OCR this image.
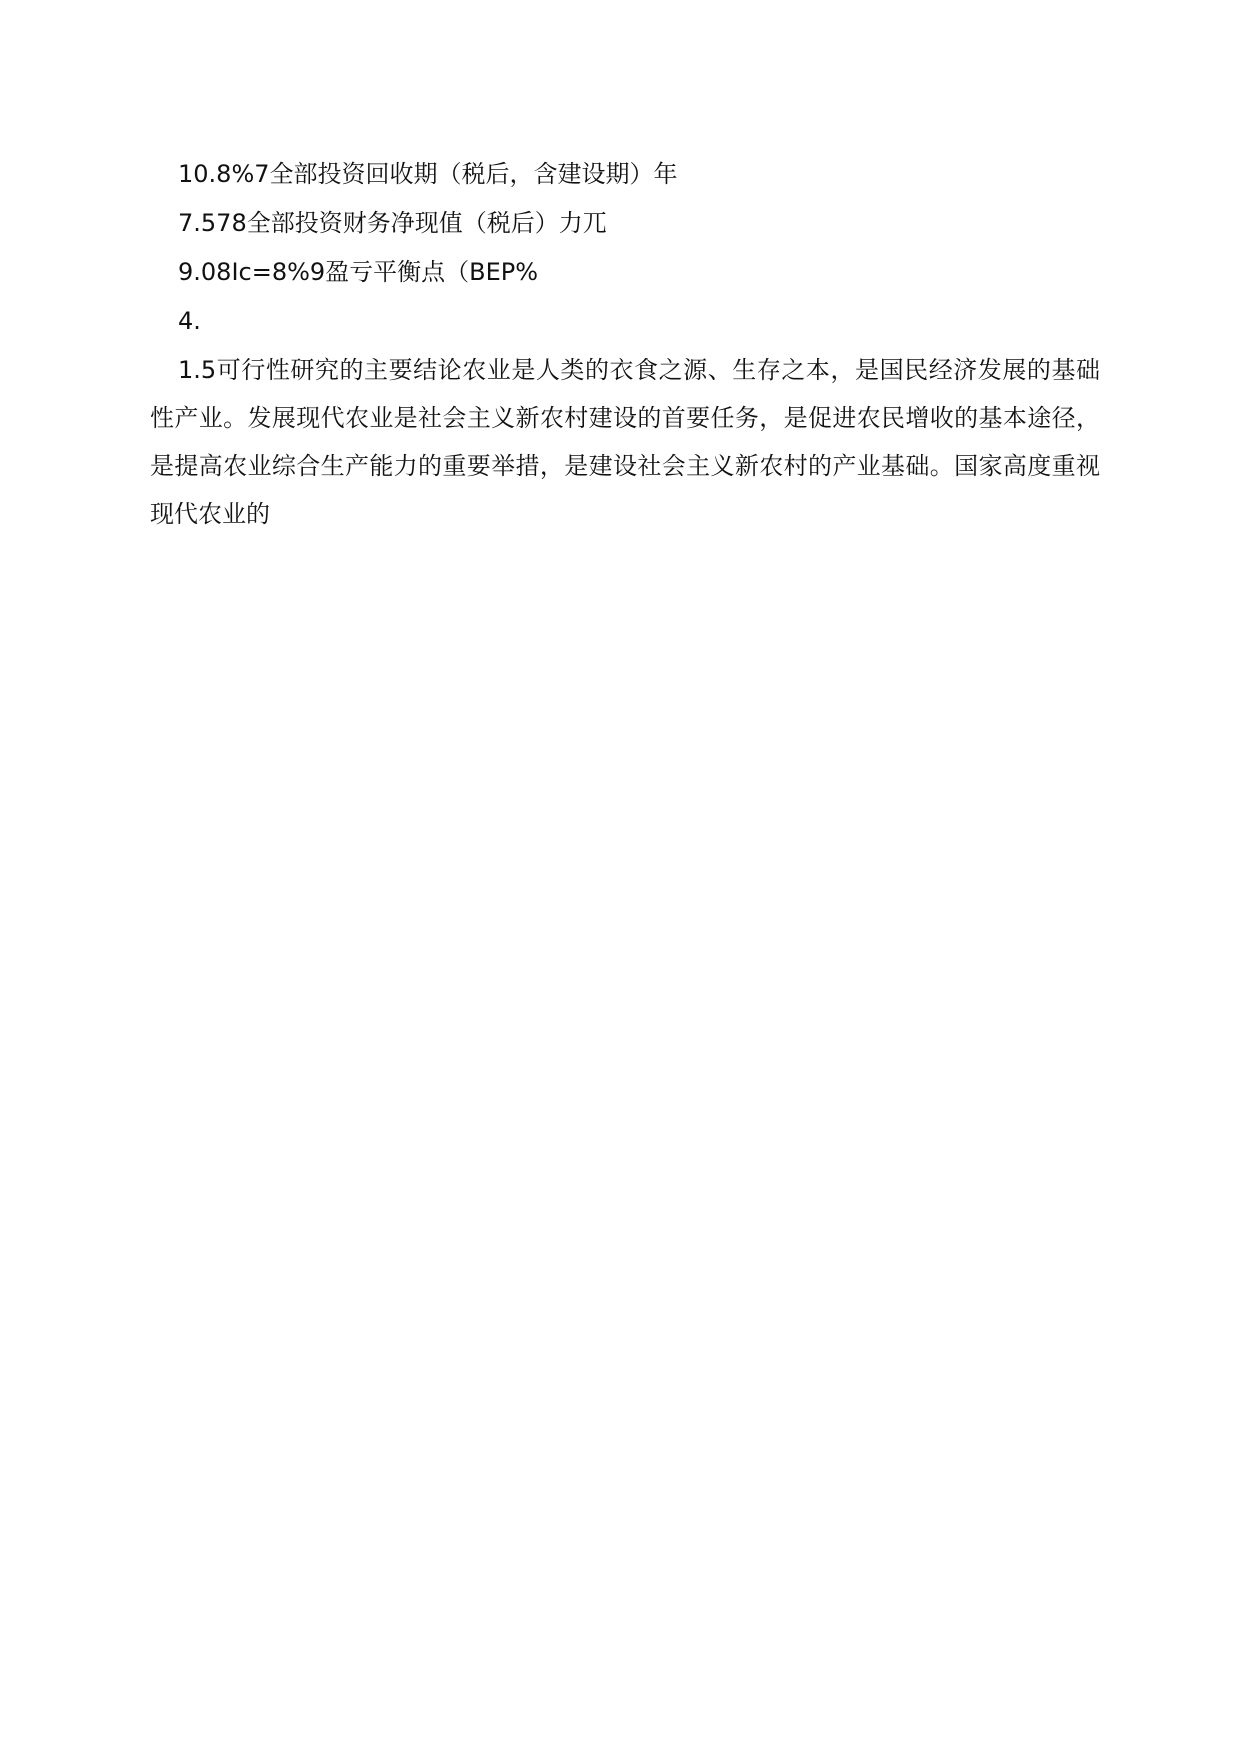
10.8%7全部投资回收期（税后，含建设期）年

7.578全部投资财务净现值（税后）力兀

9.08Ic=8%9盈亏平衡点（BEP%

4.

1.5可行性研究的主要结论农业是人类的衣食之源、生存之本，是国民经济发展的基础性产业。发展现代农业是社会主义新农村建设的首要任务，是促进农民增收的基本途径，是提高农业综合生产能力的重要举措，是建设社会主义新农村的产业基础。国家高度重视现代农业的
